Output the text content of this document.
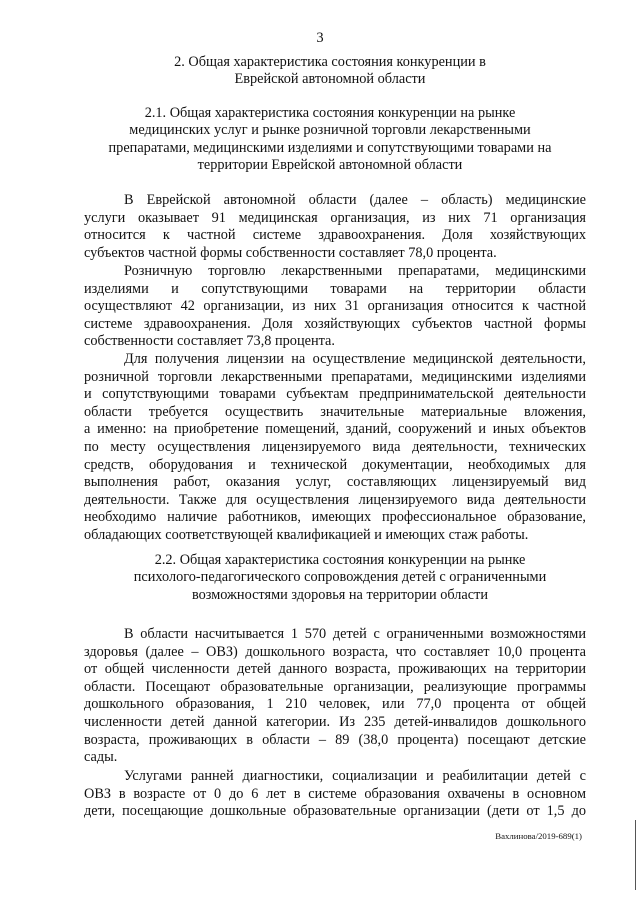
3
2. Общая характеристика состояния конкуренции в
Еврейской автономной области
2.1. Общая характеристика состояния конкуренции на рынке
медицинских услуг и рынке розничной торговли лекарственными
препаратами, медицинскими изделиями и сопутствующими товарами на
территории Еврейской автономной области
В Еврейской автономной области (далее – область) медицинские
услуги оказывает 91 медицинская организация, из них 71 организация
относится к частной системе здравоохранения. Доля хозяйствующих
субъектов частной формы собственности составляет 78,0 процента.
Розничную торговлю лекарственными препаратами, медицинскими
изделиями и сопутствующими товарами на территории области
осуществляют 42 организации, из них 31 организация относится к частной
системе здравоохранения. Доля хозяйствующих субъектов частной формы
собственности составляет 73,8 процента.
Для получения лицензии на осуществление медицинской деятельности,
розничной торговли лекарственными препаратами, медицинскими изделиями
и сопутствующими товарами субъектам предпринимательской деятельности
области требуется осуществить значительные материальные вложения,
а именно: на приобретение помещений, зданий, сооружений и иных объектов
по месту осуществления лицензируемого вида деятельности, технических
средств, оборудования и технической документации, необходимых для
выполнения работ, оказания услуг, составляющих лицензируемый вид
деятельности. Также для осуществления лицензируемого вида деятельности
необходимо наличие работников, имеющих профессиональное образование,
обладающих соответствующей квалификацией и имеющих стаж работы.
2.2. Общая характеристика состояния конкуренции на рынке
психолого-педагогического сопровождения детей с ограниченными
возможностями здоровья на территории области
В области насчитывается 1 570 детей с ограниченными возможностями
здоровья (далее – ОВЗ) дошкольного возраста, что составляет 10,0 процента
от общей численности детей данного возраста, проживающих на территории
области. Посещают образовательные организации, реализующие программы
дошкольного образования, 1 210 человек, или 77,0 процента от общей
численности детей данной категории. Из 235 детей-инвалидов дошкольного
возраста, проживающих в области – 89 (38,0 процента) посещают детские
сады.
Услугами ранней диагностики, социализации и реабилитации детей с
ОВЗ в возрасте от 0 до 6 лет в системе образования охвачены в основном
дети, посещающие дошкольные образовательные организации (дети от 1,5 до
Вахлинова/2019-689(1)
